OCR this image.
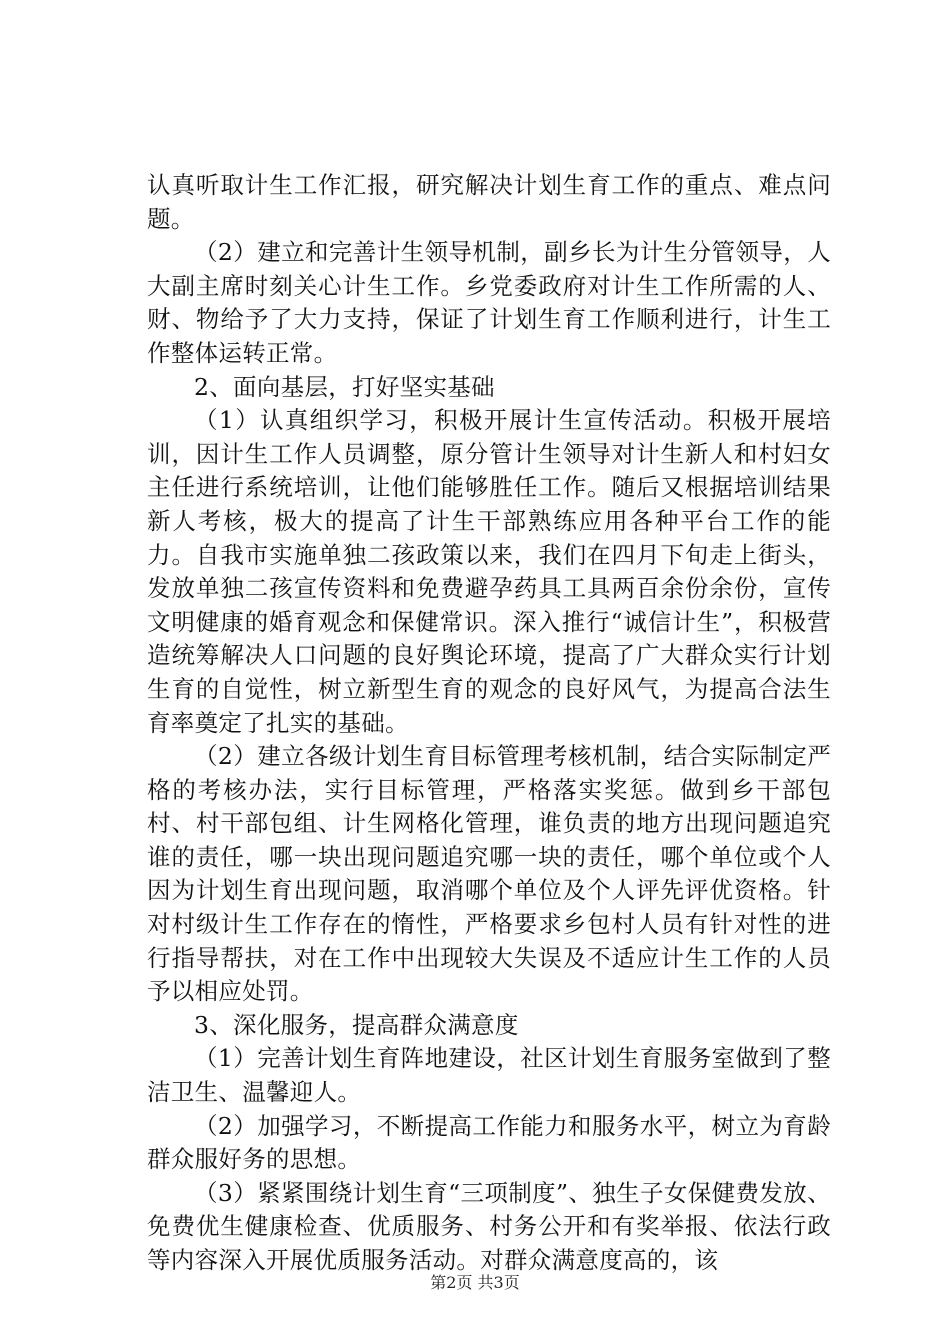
认真听取计生工作汇报，研究解决计划生育工作的重点、难点问题。

（2）建立和完善计生领导机制，副乡长为计生分管领导，人大副主席时刻关心计生工作。乡党委政府对计生工作所需的人、财、物给予了大力支持，保证了计划生育工作顺利进行，计生工作整体运转正常。

2、面向基层，打好坚实基础

（1）认真组织学习，积极开展计生宣传活动。积极开展培训，因计生工作人员调整，原分管计生领导对计生新人和村妇女主任进行系统培训，让他们能够胜任工作。随后又根据培训结果新人考核，极大的提高了计生干部熟练应用各种平台工作的能力。自我市实施单独二孩政策以来，我们在四月下旬走上街头，发放单独二孩宣传资料和免费避孕药具工具两百余份余份，宣传文明健康的婚育观念和保健常识。深入推行“诚信计生”，积极营造统筹解决人口问题的良好舆论环境，提高了广大群众实行计划生育的自觉性，树立新型生育的观念的良好风气，为提高合法生育率奠定了扎实的基础。

（2）建立各级计划生育目标管理考核机制，结合实际制定严格的考核办法，实行目标管理，严格落实奖惩。做到乡干部包村、村干部包组、计生网格化管理，谁负责的地方出现问题追究谁的责任，哪一块出现问题追究哪一块的责任，哪个单位或个人因为计划生育出现问题，取消哪个单位及个人评先评优资格。针对村级计生工作存在的惰性，严格要求乡包村人员有针对性的进行指导帮扶，对在工作中出现较大失误及不适应计生工作的人员予以相应处罚。

3、深化服务，提高群众满意度

（1）完善计划生育阵地建设，社区计划生育服务室做到了整洁卫生、温馨迎人。

（2）加强学习，不断提高工作能力和服务水平，树立为育龄群众服好务的思想。

（3）紧紧围绕计划生育“三项制度”、独生子女保健费发放、免费优生健康检查、优质服务、村务公开和有奖举报、依法行政等内容深入开展优质服务活动。对群众满意度高的，该

第2页 共3页
